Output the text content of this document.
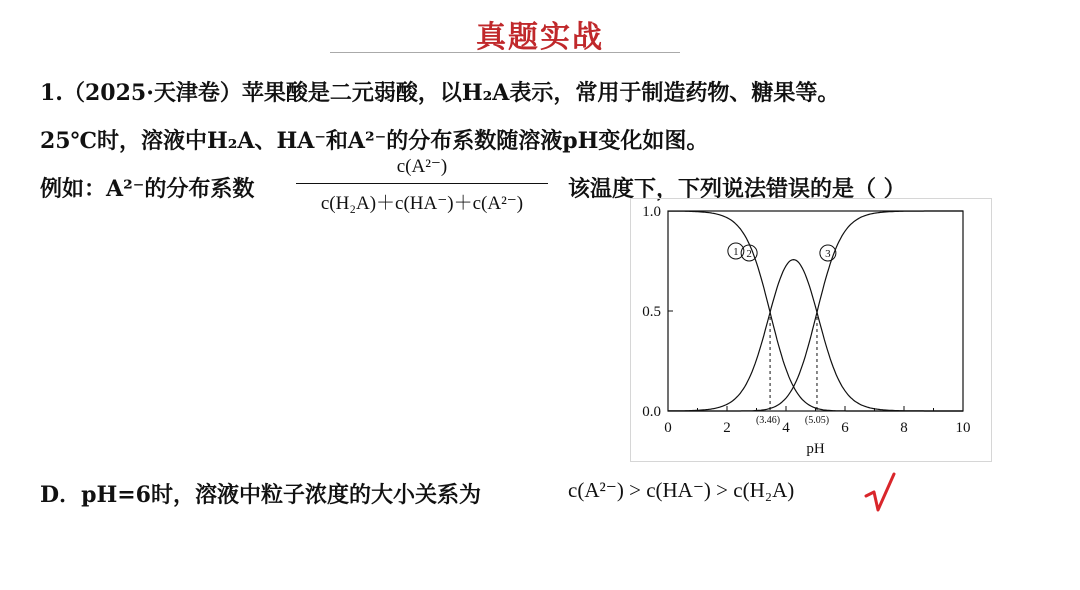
真题实战
1.（2025·天津卷）苹果酸是二元弱酸，以H₂A表示，常用于制造药物、糖果等。
25℃时，溶液中H₂A、HA⁻和A²⁻的分布系数随溶液pH变化如图。
例如：A²⁻的分布系数
c(A²⁻)
c(H₂A)＋c(HA⁻)＋c(A²⁻)
该温度下，下列说法错误的是（ ）
0	2	4	6	8	10
0.0
0.5
1.0
pH
(3.46) (5.05)
1 2	3
D．pH=6时，溶液中粒子浓度的大小关系为	c(A²⁻) > c(HA⁻) > c(H₂A)
